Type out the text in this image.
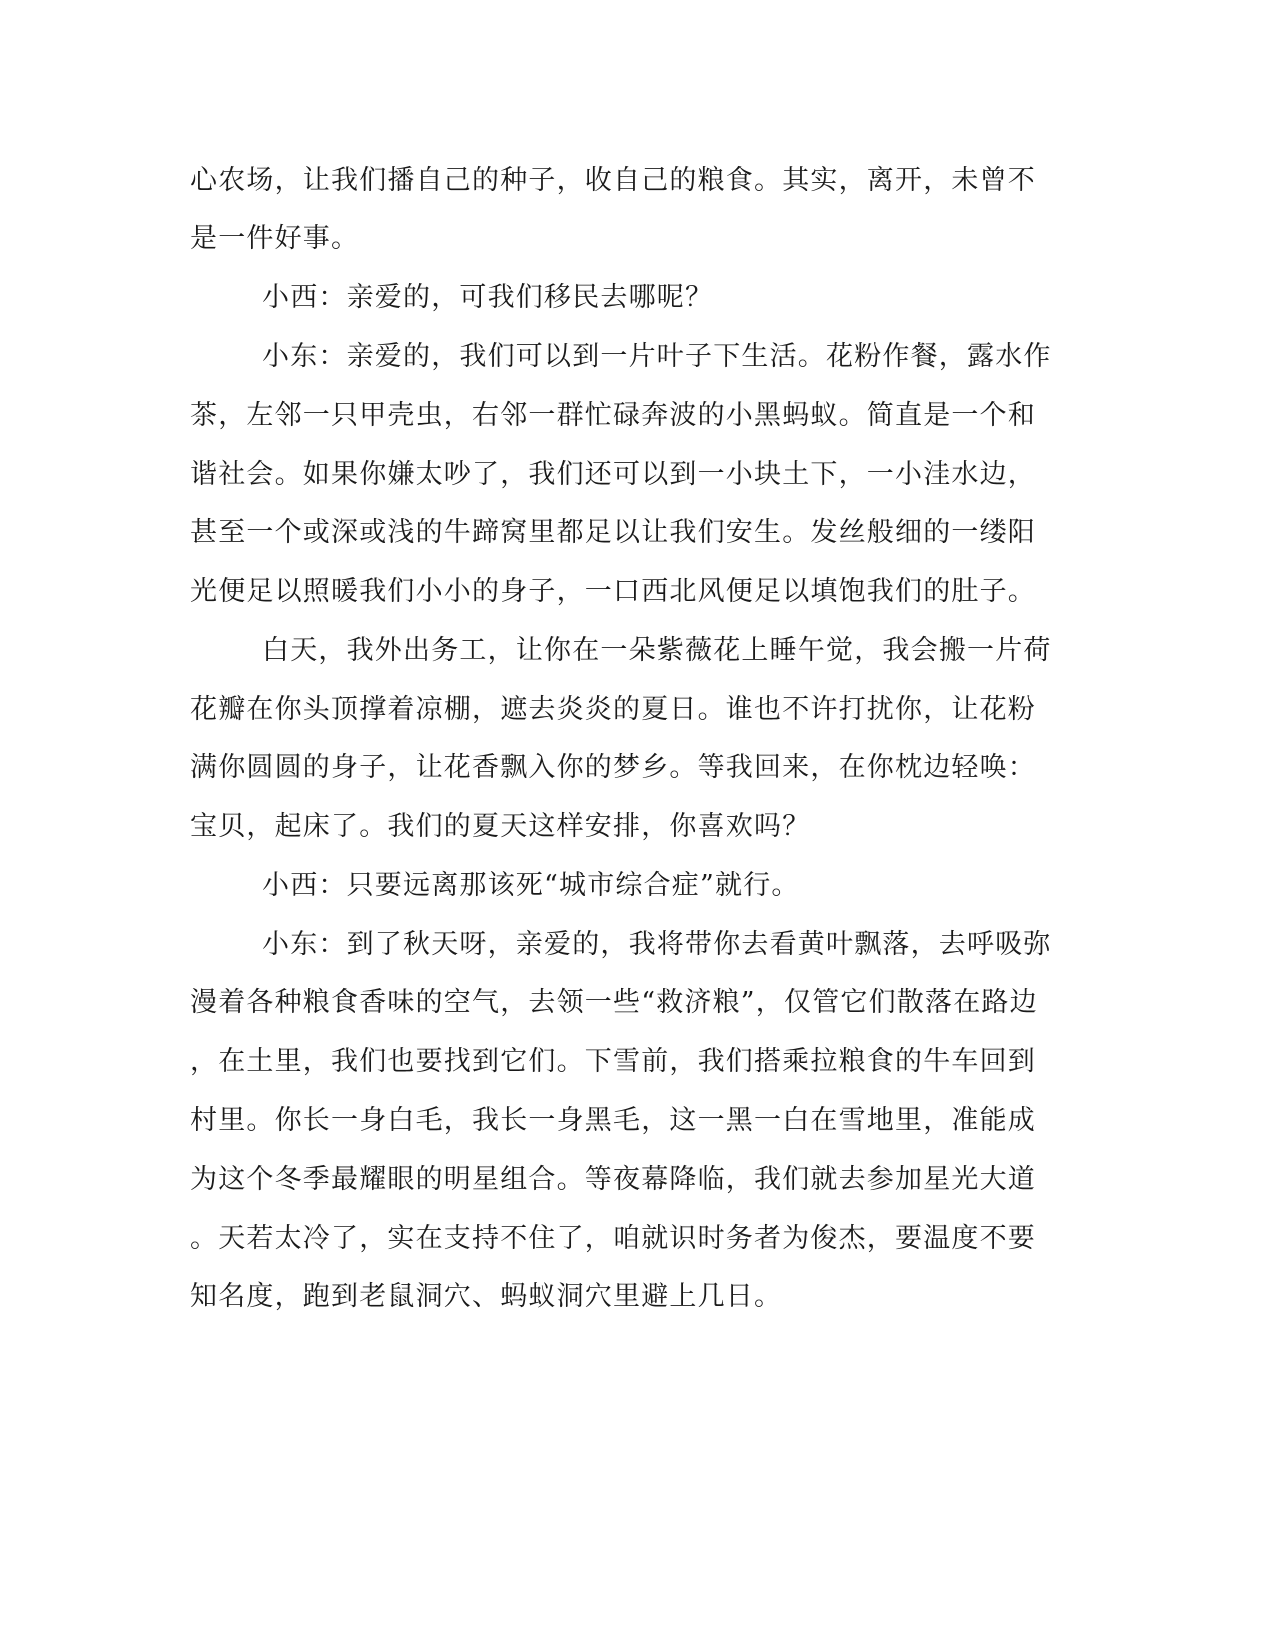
心农场，让我们播自己的种子，收自己的粮食。其实，离开，未曾不
是一件好事。
小西：亲爱的，可我们移民去哪呢？
小东：亲爱的，我们可以到一片叶子下生活。花粉作餐，露水作
茶，左邻一只甲壳虫，右邻一群忙碌奔波的小黑蚂蚁。简直是一个和
谐社会。如果你嫌太吵了，我们还可以到一小块土下，一小洼水边，
甚至一个或深或浅的牛蹄窝里都足以让我们安生。发丝般细的一缕阳
光便足以照暖我们小小的身子，一口西北风便足以填饱我们的肚子。
白天，我外出务工，让你在一朵紫薇花上睡午觉，我会搬一片荷
花瓣在你头顶撑着凉棚，遮去炎炎的夏日。谁也不许打扰你，让花粉
满你圆圆的身子，让花香飘入你的梦乡。等我回来，在你枕边轻唤：
宝贝，起床了。我们的夏天这样安排，你喜欢吗？
小西：只要远离那该死“城市综合症”就行。
小东：到了秋天呀，亲爱的，我将带你去看黄叶飘落，去呼吸弥
漫着各种粮食香味的空气，去领一些“救济粮”，仅管它们散落在路边
，在土里，我们也要找到它们。下雪前，我们搭乘拉粮食的牛车回到
村里。你长一身白毛，我长一身黑毛，这一黑一白在雪地里，准能成
为这个冬季最耀眼的明星组合。等夜幕降临，我们就去参加星光大道
。天若太冷了，实在支持不住了，咱就识时务者为俊杰，要温度不要
知名度，跑到老鼠洞穴、蚂蚁洞穴里避上几日。
